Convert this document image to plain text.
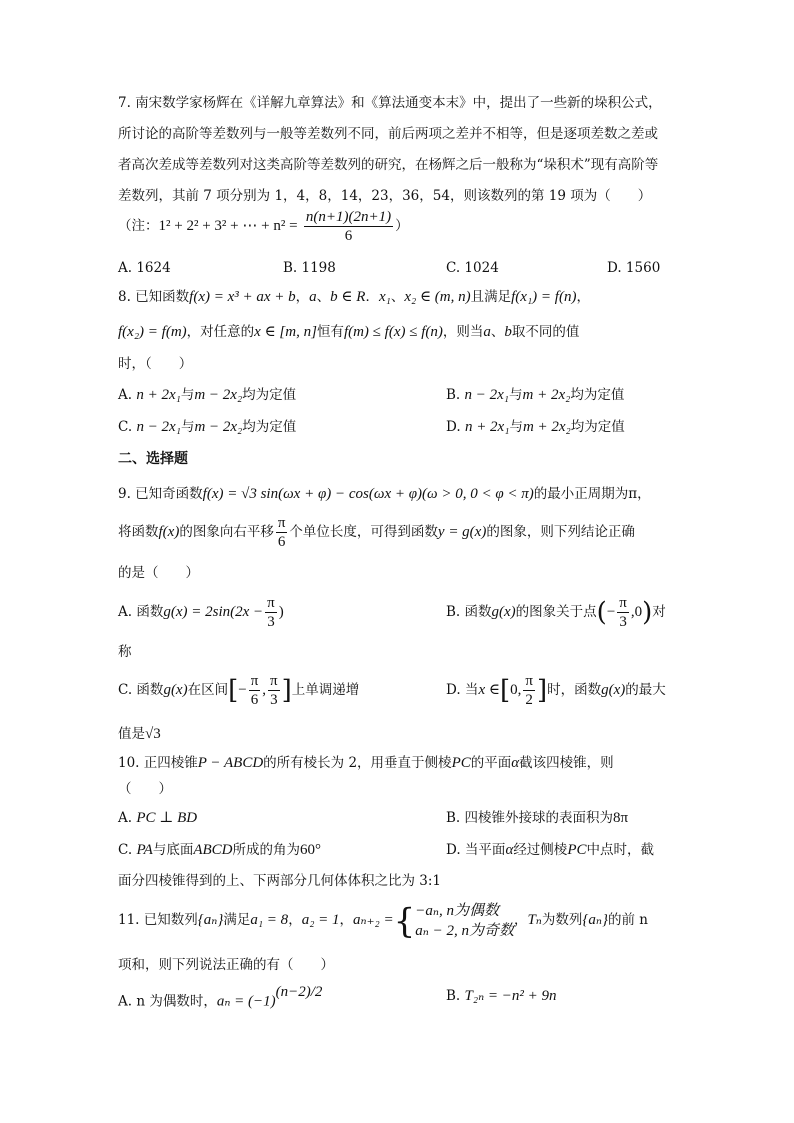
7. 南宋数学家杨辉在《详解九章算法》和《算法通变本末》中，提出了一些新的垛积公式，
所讨论的高阶等差数列与一般等差数列不同，前后两项之差并不相等，但是逐项差数之差或
者高次差成等差数列对这类高阶等差数列的研究，在杨辉之后一般称为“垛积术”现有高阶等
差数列，其前 7 项分别为 1，4，8，14，23，36，54，则该数列的第 19 项为（　　）
（注：1² + 2² + 3² + ⋯ + $n^2 = \frac{n(n+1)(2n+1)}{6}$ ）
A. 1624	B. 1198	C. 1024	D. 1560
8. 已知函数f(x) = x³ + ax + b，a、b ∈ R．x₁、x₂ ∈ (m, n)且满足f(x₁) = f(n)，
f(x₂) = f(m)，对任意的x ∈ [m, n]恒有f(m) ≤ f(x) ≤ f(n)，则当a、b取不同的值
时，（　　）
A. n + 2x₁与m − 2x₂均为定值	B. n − 2x₁与m + 2x₂均为定值
C. n − 2x₁与m − 2x₂均为定值	D. n + 2x₁与m + 2x₂均为定值
二、选择题
9. 已知奇函数f(x) = √3 sin(ωx + φ) − cos(ωx + φ)(ω > 0, 0 < φ < π)的最小正周期为π，
将函数f(x)的图象向右平移 $\frac{\pi}{6}$ 个单位长度，可得到函数y = g(x)的图象，则下列结论正确
的是（　　）
A. 函数$g(x) = 2\sin(2x - \frac{\pi}{3}$ )	B. 函数g(x)的图象关于点(− $\frac{\pi}{3} ,0$)对
称
C. 函数g(x)在区间[− $\frac{\pi}{6}$ , $\frac{\pi}{3}$ ]上单调递增	D. 当x ∈[0, $\frac{\pi}{2}$ ]时，函数g(x)的最大
值是√3
10. 正四棱锥P − ABCD的所有棱长为 2，用垂直于侧棱PC的平面α截该四棱锥，则
（　　）
A. PC ⊥ BD	B. 四棱锥外接球的表面积为8π
C. PA与底面ABCD所成的角为60°	D. 当平面α经过侧棱PC中点时，截
面分四棱锥得到的上、下两部分几何体体积之比为 3:1
11. 已知数列{aₙ}满足a₁ = 8，a₂ = 1，aₙ₊₂ ={ −aₙ, n为偶数
aₙ − 2, n为奇数
，Tₙ为数列{aₙ}的前 n
项和，则下列说法正确的有（　　）
A. n 为偶数时，$a_n = (-1)^{(n-2)/2}$	B. T₂ₙ = −n² + 9n
